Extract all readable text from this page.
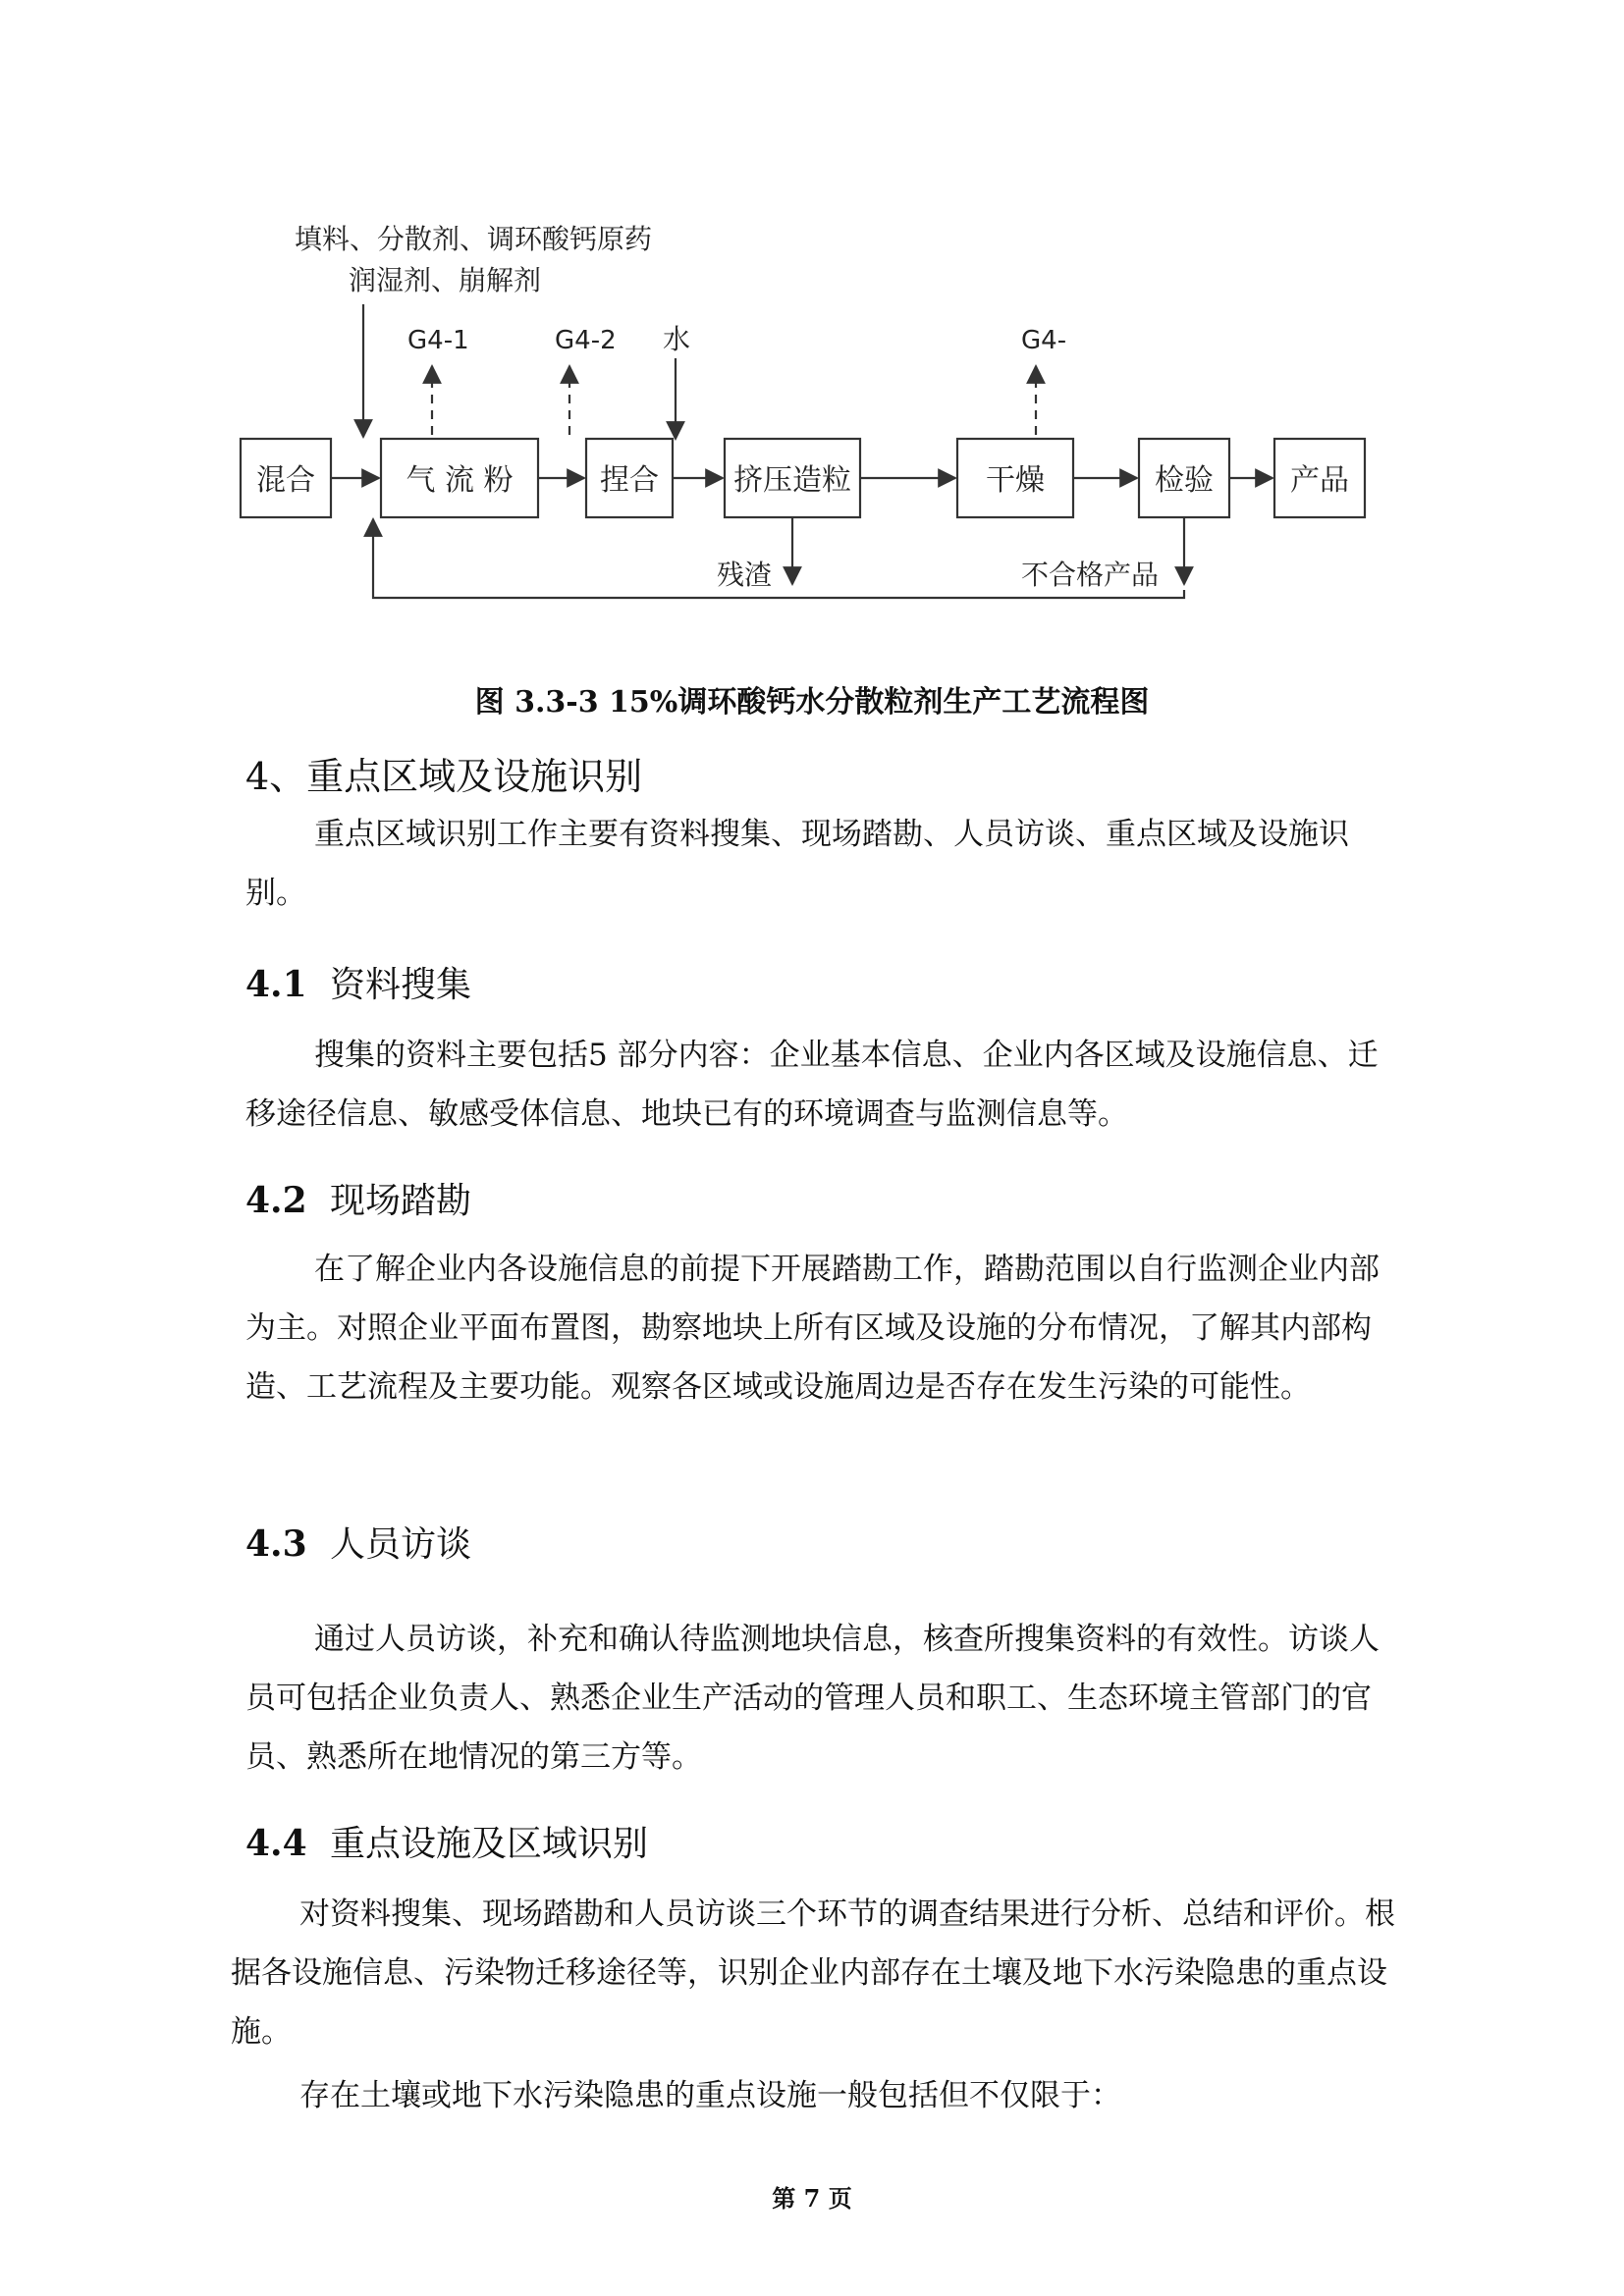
填料、分散剂、调环酸钙原药
润湿剂、崩解剂
G4-1	G4-2 水	G4-
混合	气 流 粉	捏合	挤压造粒	干燥	检验	产品
残渣	不合格产品
图 3.3-3 15%调环酸钙水分散粒剂生产工艺流程图
4、重点区域及设施识别

重点区域识别工作主要有资料搜集、现场踏勘、人员访谈、重点区域及设施识别。

4.1 资料搜集

搜集的资料主要包括5 部分内容：企业基本信息、企业内各区域及设施信息、迁移途径信息、敏感受体信息、地块已有的环境调查与监测信息等。

4.2 现场踏勘

在了解企业内各设施信息的前提下开展踏勘工作，踏勘范围以自行监测企业内部为主。对照企业平面布置图，勘察地块上所有区域及设施的分布情况，了解其内部构造、工艺流程及主要功能。观察各区域或设施周边是否存在发生污染的可能性。

4.3 人员访谈

通过人员访谈，补充和确认待监测地块信息，核查所搜集资料的有效性。访谈人员可包括企业负责人、熟悉企业生产活动的管理人员和职工、生态环境主管部门的官员、熟悉所在地情况的第三方等。

4.4 重点设施及区域识别

对资料搜集、现场踏勘和人员访谈三个环节的调查结果进行分析、总结和评价。根据各设施信息、污染物迁移途径等，识别企业内部存在土壤及地下水污染隐患的重点设施。

存在土壤或地下水污染隐患的重点设施一般包括但不仅限于：

第 7 页
